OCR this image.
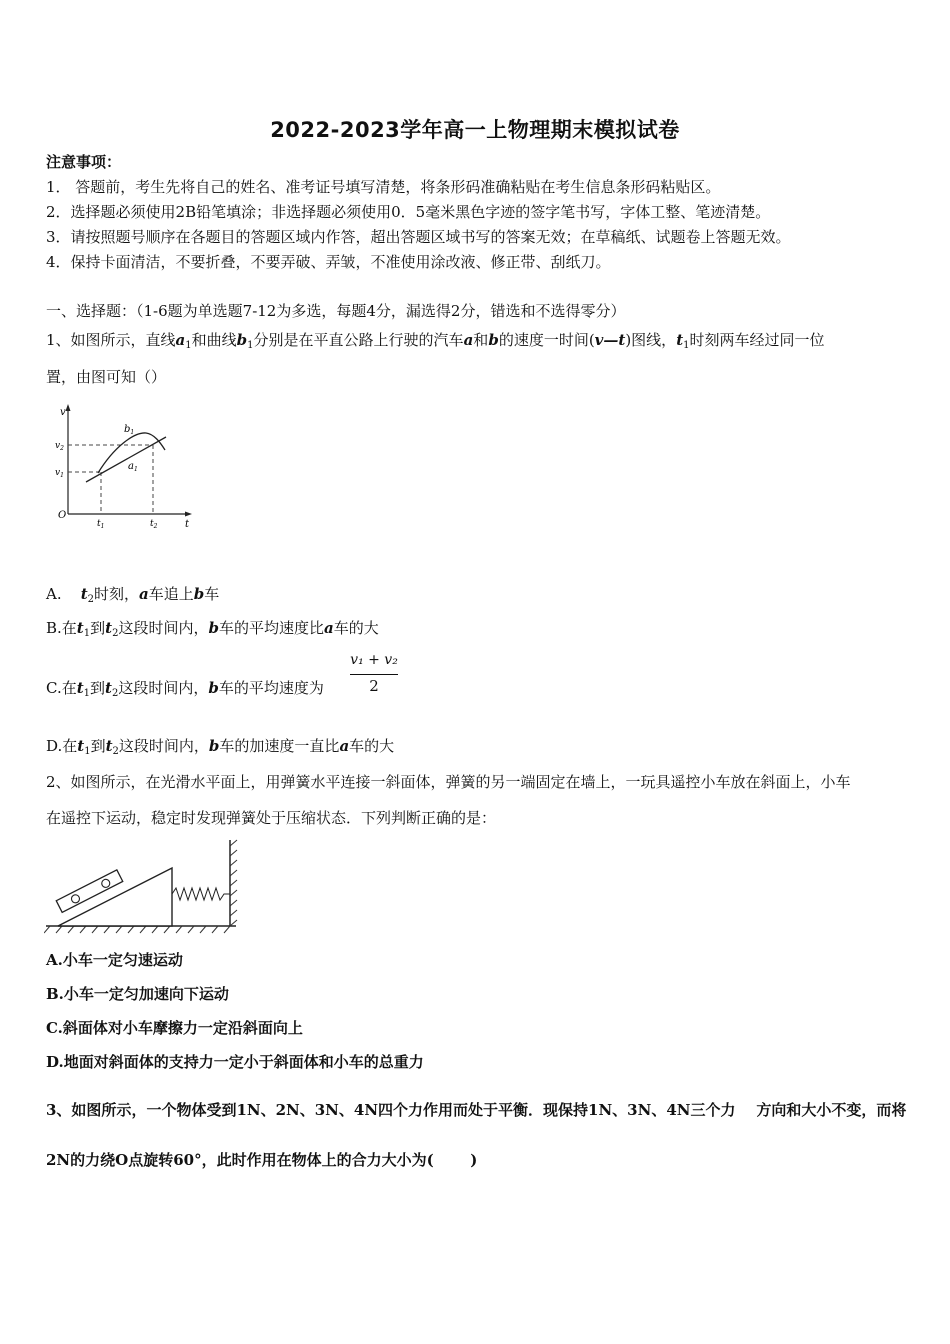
2022-2023学年高一上物理期末模拟试卷
注意事项：
1． 答题前，考生先将自己的姓名、准考证号填写清楚，将条形码准确粘贴在考生信息条形码粘贴区。
2．选择题必须使用2B铅笔填涂；非选择题必须使用0．5毫米黑色字迹的签字笔书写，字体工整、笔迹清楚。
3．请按照题号顺序在各题目的答题区域内作答，超出答题区域书写的答案无效；在草稿纸、试题卷上答题无效。
4．保持卡面清洁，不要折叠，不要弄破、弄皱，不准使用涂改液、修正带、刮纸刀。
一、选择题：（1-6题为单选题7-12为多选，每题4分，漏选得2分，错选和不选得零分）
1、如图所示，直线$a_1$和曲线$b_1$分别是在平直公路上行驶的汽车a和b的速度一时间(v—t)图线，$t_1$时刻两车经过同一位
置，由图可知（）
v
$v_2$
$v_1$
$b_1$
$a_1$
O
$t_1$	$t_2$	t
A.    $t_2$时刻，a车追上b车
B.在$t_1$到$t_2$这段时间内，b车的平均速度比a车的大
C.在$t_1$到$t_2$这段时间内，b车的平均速度为
v₁ + v₂
2
D.在$t_1$到$t_2$这段时间内，b车的加速度一直比a车的大
2、如图所示，在光滑水平面上，用弹簧水平连接一斜面体，弹簧的另一端固定在墙上，一玩具遥控小车放在斜面上，小车
在遥控下运动，稳定时发现弹簧处于压缩状态．下列判断正确的是：
A.小车一定匀速运动
B.小车一定匀加速向下运动
C.斜面体对小车摩擦力一定沿斜面向上
D.地面对斜面体的支持力一定小于斜面体和小车的总重力
3、如图所示，一个物体受到1N、2N、3N、4N四个力作用而处于平衡．现保持1N、3N、4N三个力    方向和大小不变，而将
2N的力绕O点旋转60°，此时作用在物体上的合力大小为(       )
